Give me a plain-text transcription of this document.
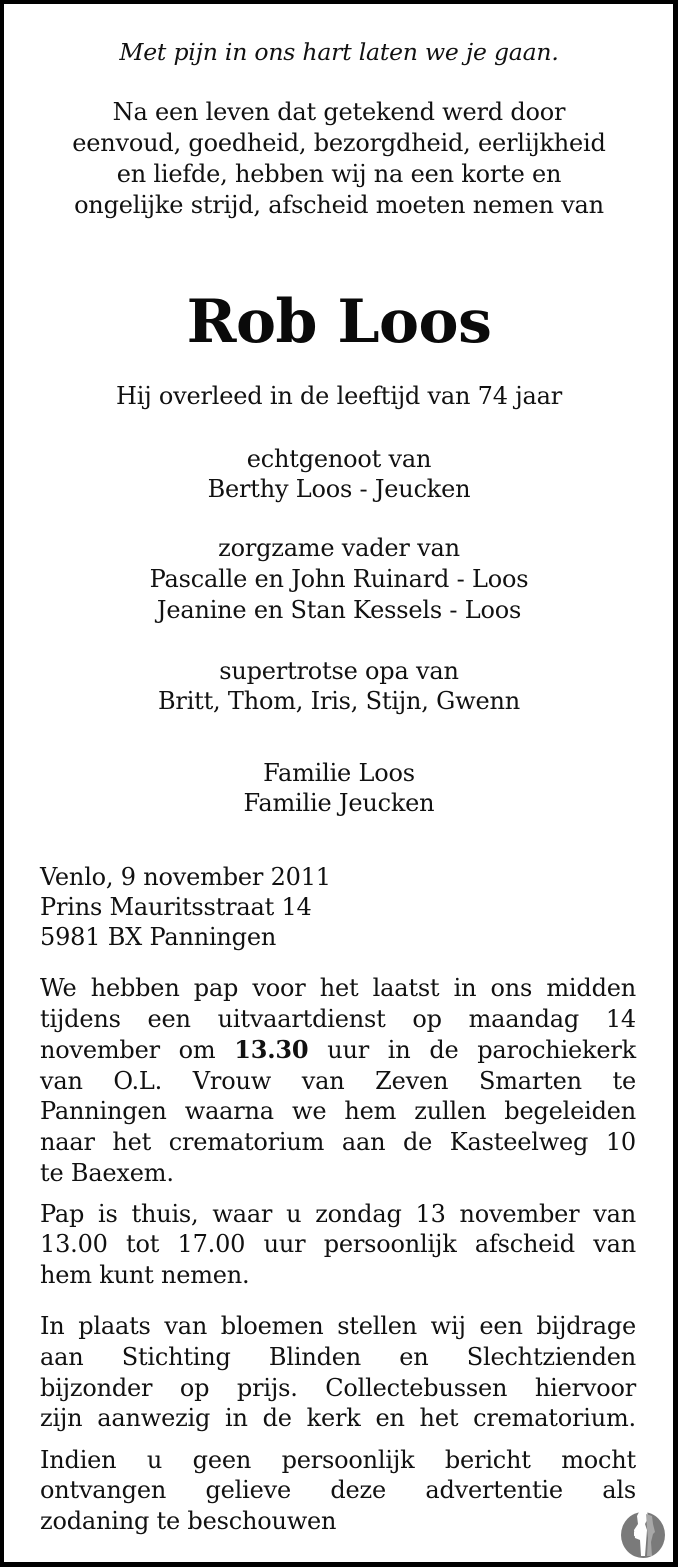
Met pijn in ons hart laten we je gaan.
Na een leven dat getekend werd door
eenvoud, goedheid, bezorgdheid, eerlijkheid
en liefde, hebben wij na een korte en
ongelijke strijd, afscheid moeten nemen van
Rob Loos
Hij overleed in de leeftijd van 74 jaar
echtgenoot van
Berthy Loos - Jeucken
zorgzame vader van
Pascalle en John Ruinard - Loos
Jeanine en Stan Kessels - Loos
supertrotse opa van
Britt, Thom, Iris, Stijn, Gwenn
Familie Loos
Familie Jeucken
Venlo, 9 november 2011
Prins Mauritsstraat 14
5981 BX Panningen
We hebben pap voor het laatst in ons midden
tijdens een uitvaartdienst op maandag 14
november om 13.30 uur in de parochiekerk
van O.L. Vrouw van Zeven Smarten te
Panningen waarna we hem zullen begeleiden
naar het crematorium aan de Kasteelweg 10
te Baexem.
Pap is thuis, waar u zondag 13 november van
13.00 tot 17.00 uur persoonlijk afscheid van
hem kunt nemen.
In plaats van bloemen stellen wij een bijdrage
aan Stichting Blinden en Slechtzienden
bijzonder op prijs. Collectebussen hiervoor
zijn aanwezig in de kerk en het crematorium.
Indien u geen persoonlijk bericht mocht
ontvangen gelieve deze advertentie als
zodaning te beschouwen
